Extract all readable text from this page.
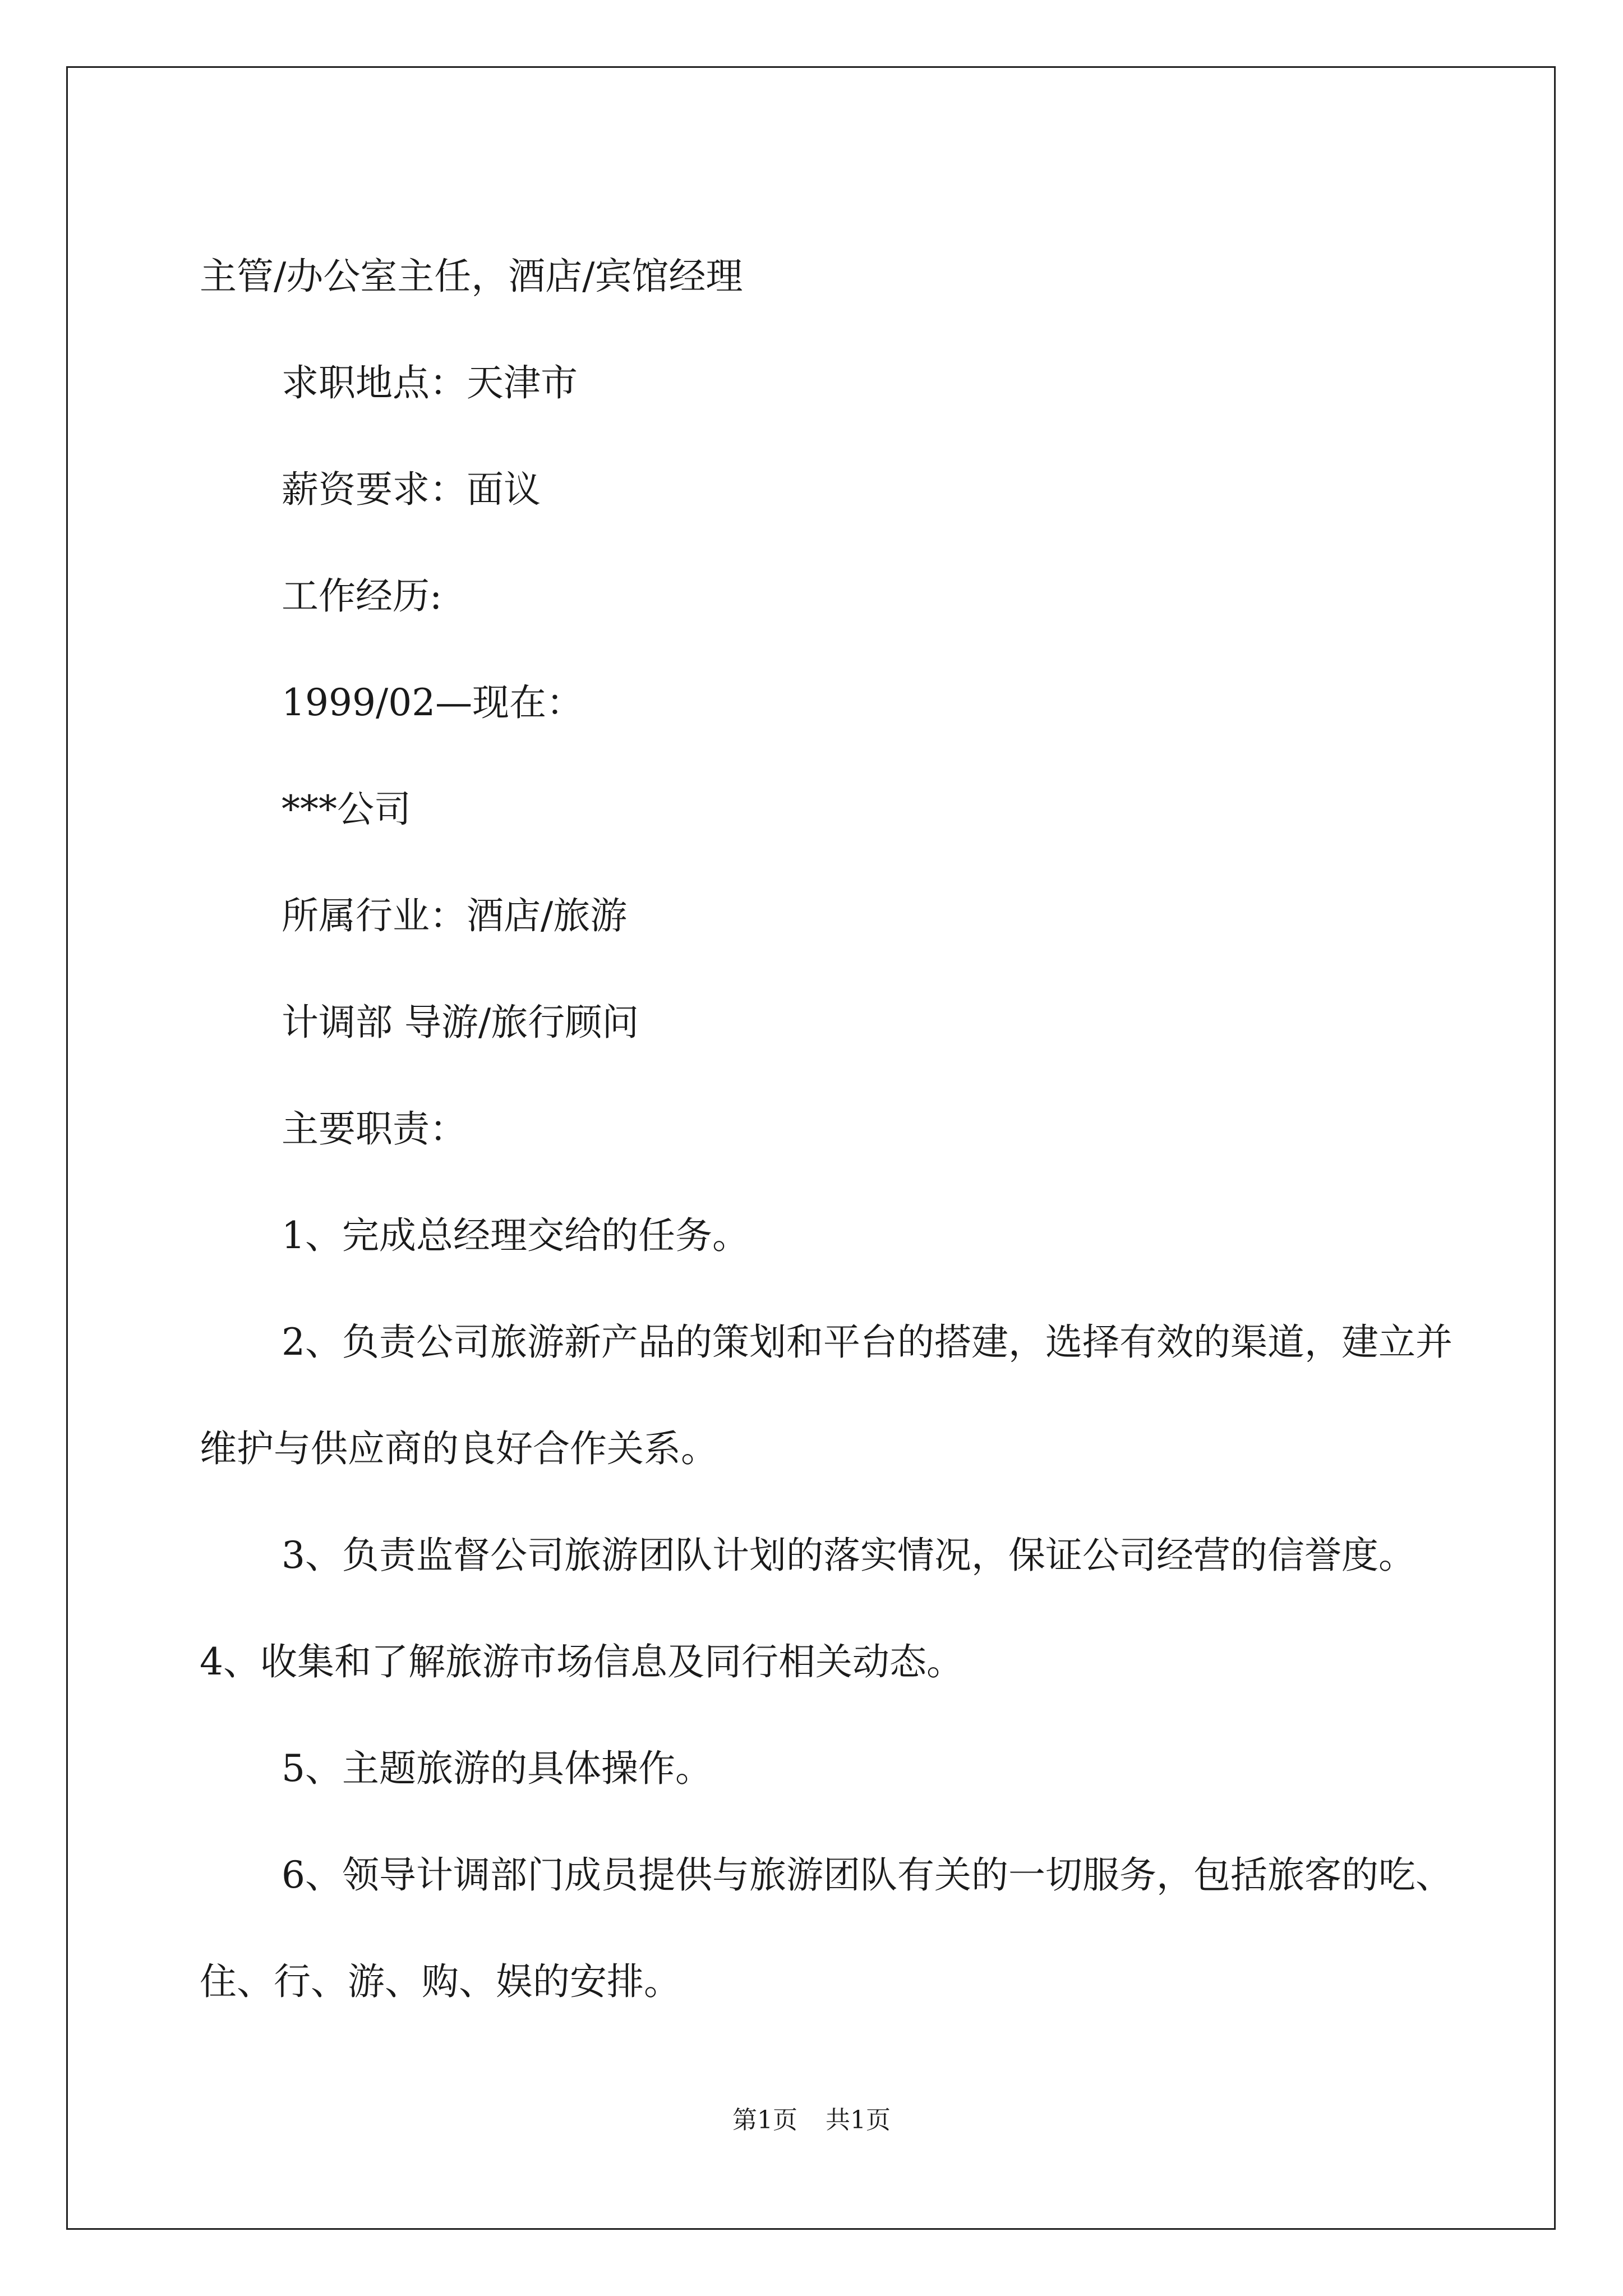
主管/办公室主任，酒店/宾馆经理

求职地点：天津市

薪资要求：面议

工作经历:

1999/02—现在：

***公司

所属行业：酒店/旅游

计调部 导游/旅行顾问

主要职责：

1、完成总经理交给的任务。

2、负责公司旅游新产品的策划和平台的搭建，选择有效的渠道，建立并维护与供应商的良好合作关系。

3、负责监督公司旅游团队计划的落实情况，保证公司经营的信誉度。 4、收集和了解旅游市场信息及同行相关动态。

5、主题旅游的具体操作。

6、领导计调部门成员提供与旅游团队有关的一切服务，包括旅客的吃、住、行、游、购、娱的安排。

第1页 共1页
